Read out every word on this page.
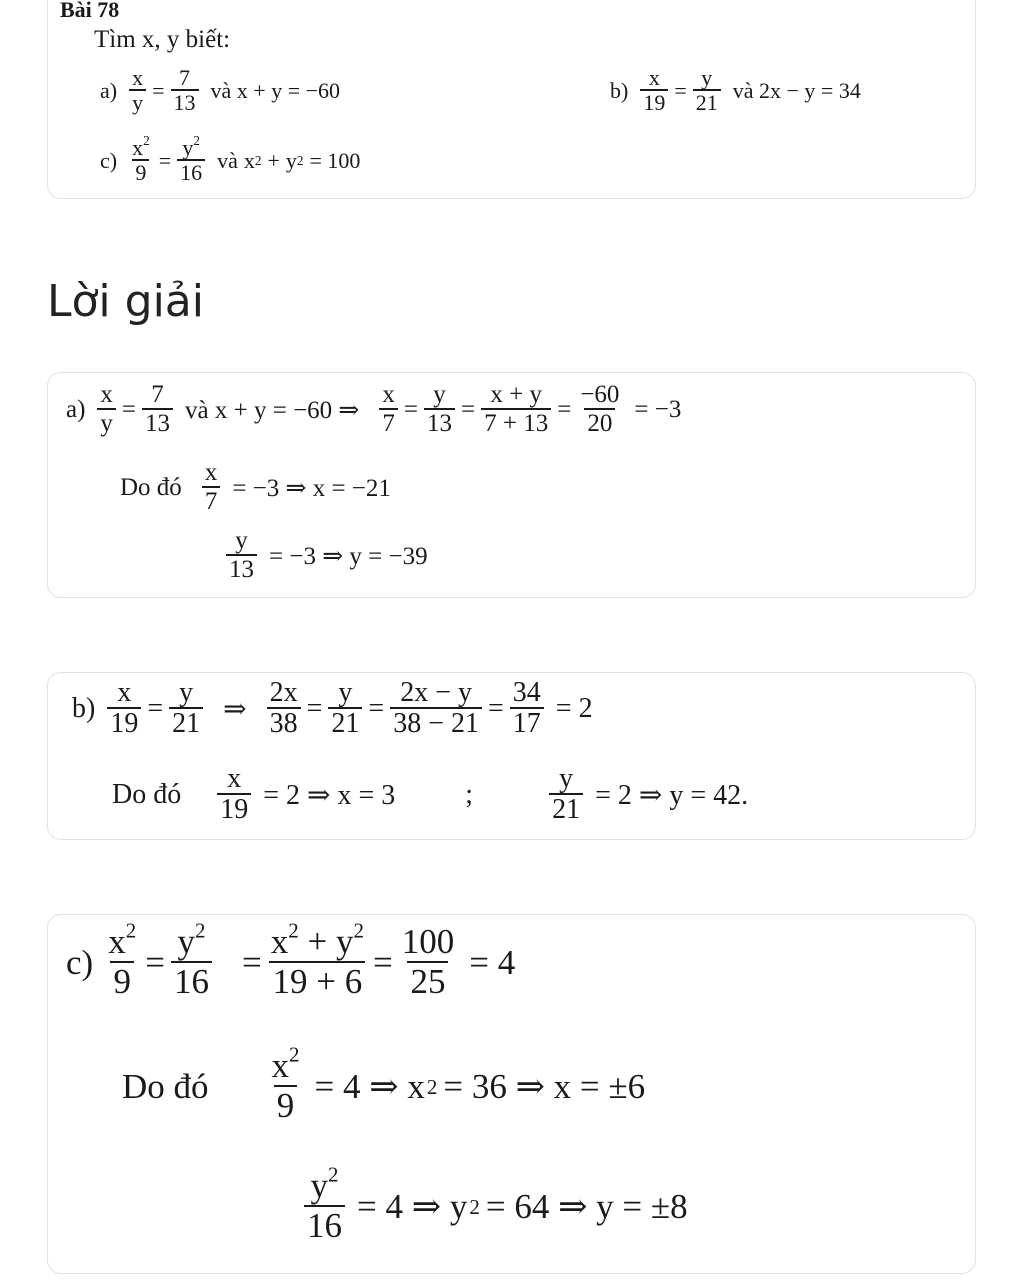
Bài 78
Tìm x, y biết:
$a) \frac{x}{y} = \frac{7}{13}$ và x + y = −60	$b) \frac{x}{19} = \frac{y}{21}$ và 2x − y = 34
$c) \frac{x^2}{9} = \frac{y^2}{16}$ và x 2 + y 2 = 100
Lời giải
$a) \frac{x}{y} = \frac{7}{13}$ và x + y = −60 ⇒ $\frac{x}{7} = \frac{y}{13} = \frac{x + y}{7 + 13} = \frac{-60}{20} = -3$
Do đó $\frac{x}{7} = -3$ ⇒ x = −21
$\frac{y}{13} = -3$ ⇒ y = −39
$b) \frac{x}{19} = \frac{y}{21}$ ⇒ $\frac{2x}{38} = \frac{y}{21} = \frac{2x - y}{38 - 21} = \frac{34}{17} = 2$
Do đó $\frac{x}{19} = 2$ ⇒ x = 3	;	$\frac{y}{21} = 2$ ⇒ y = 42.
$c) \frac{x^2}{9} = \frac{y^2}{16} = \frac{x^2 + y^2}{19 + 6} = \frac{100}{25} = 4$
Do đó $\frac{x^2}{9} = 4$ ⇒ x 2 = 36 ⇒ x = ±6
$\frac{y^2}{16} = 4$ ⇒ y 2 = 64 ⇒ y = ±8
